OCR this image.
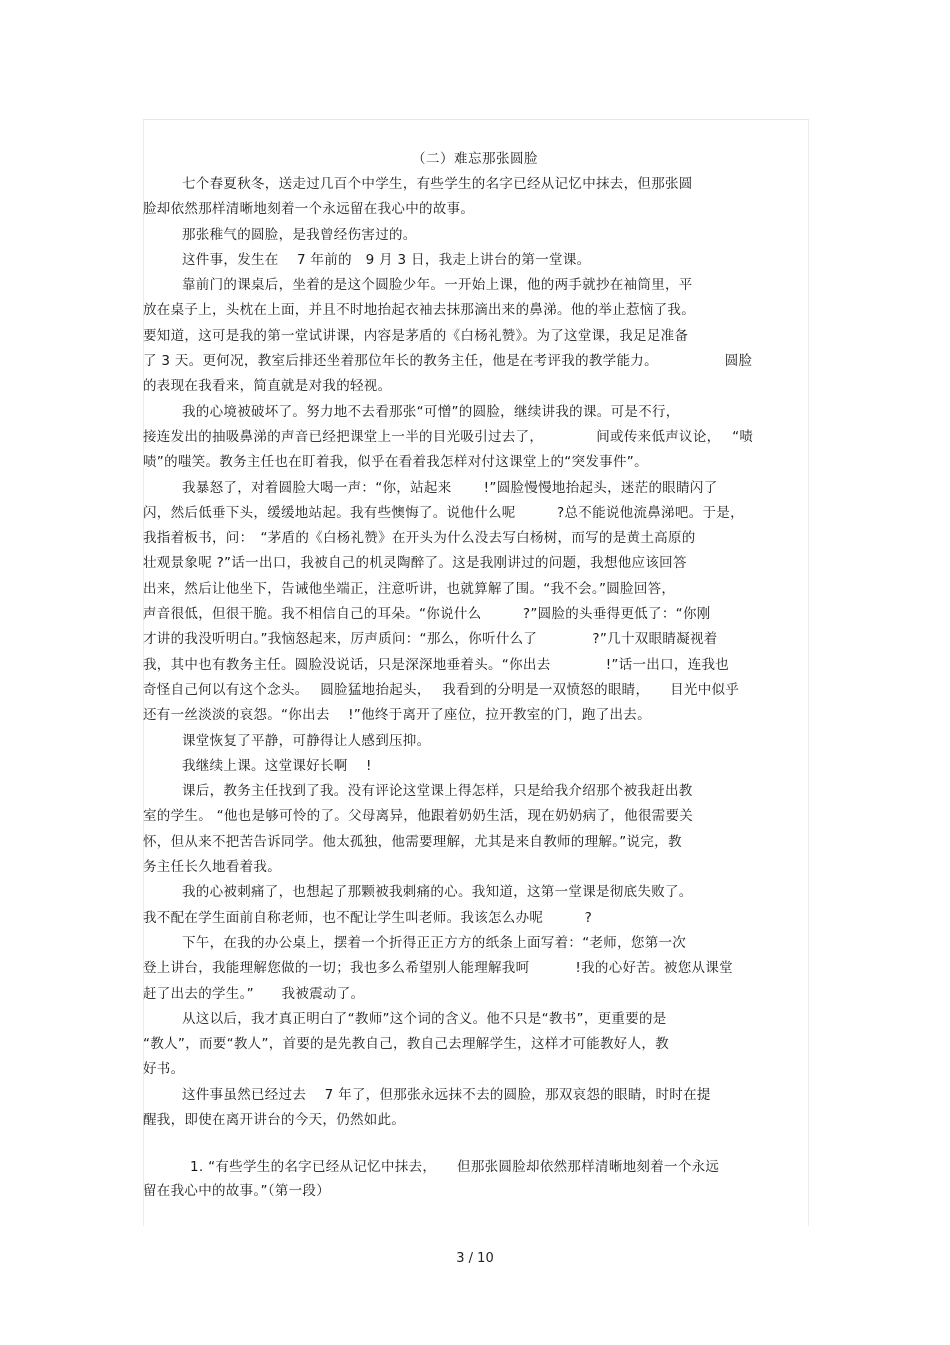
（二）难忘那张圆脸
七个春夏秋冬，送走过几百个中学生，有些学生的名字已经从记忆中抹去，但那张圆
脸却依然那样清晰地刻着一个永远留在我心中的故事。
那张稚气的圆脸，是我曾经伤害过的。
这件事，发生在　 7 年前的　9 月 3 日，我走上讲台的第一堂课。
靠前门的课桌后，坐着的是这个圆脸少年。一开始上课，他的两手就抄在袖筒里，平
放在桌子上，头枕在上面，并且不时地抬起衣袖去抹那滴出来的鼻涕。他的举止惹恼了我。
要知道，这可是我的第一堂试讲课，内容是茅盾的《白杨礼赞》。为了这堂课，我足足准备
了 3 天。更何况，教室后排还坐着那位年长的教务主任，他是在考评我的教学能力。　　　　　 圆脸
的表现在我看来，简直就是对我的轻视。
我的心境被破坏了。努力地不去看那张“可憎”的圆脸，继续讲我的课。可是不行，
接连发出的抽吸鼻涕的声音已经把课堂上一半的目光吸引过去了，　　　　 间或传来低声议论，　 “啧
啧”的嗤笑。教务主任也在盯着我，似乎在看着我怎样对付这课堂上的“突发事件”。
我暴怒了，对着圆脸大喝一声：“你，站起来　　 !”圆脸慢慢地抬起头，迷茫的眼睛闪了
闪，然后低垂下头，缓缓地站起。我有些懊悔了。说他什么呢　　　?总不能说他流鼻涕吧。于是，
我指着板书，问：　“茅盾的《白杨礼赞》在开头为什么没去写白杨树，而写的是黄土高原的
壮观景象呢 ?”话一出口，我被自己的机灵陶醉了。这是我刚讲过的问题，我想他应该回答
出来，然后让他坐下，告诫他坐端正，注意听讲，也就算解了围。“我不会。”圆脸回答，
声音很低，但很干脆。我不相信自己的耳朵。“你说什么　　　?”圆脸的头垂得更低了：“你刚
才讲的我没听明白。”我恼怒起来，厉声质问：“那么，你听什么了　　　　?”几十双眼睛凝视着
我，其中也有教务主任。圆脸没说话，只是深深地垂着头。“你出去　　　　!”话一出口，连我也
奇怪自己何以有这个念头。　 圆脸猛地抬起头，　 我看到的分明是一双愤怒的眼睛，　　目光中似乎
还有一丝淡淡的哀怨。“你出去　 !”他终于离开了座位，拉开教室的门，跑了出去。
课堂恢复了平静，可静得让人感到压抑。
我继续上课。这堂课好长啊　 !
课后，教务主任找到了我。没有评论这堂课上得怎样，只是给我介绍那个被我赶出教
室的学生。 “他也是够可怜的了。父母离异，他跟着奶奶生活，现在奶奶病了，他很需要关
怀，但从来不把苦告诉同学。他太孤独，他需要理解，尤其是来自教师的理解。”说完，教
务主任长久地看着我。
我的心被刺痛了，也想起了那颗被我刺痛的心。我知道，这第一堂课是彻底失败了。
我不配在学生面前自称老师，也不配让学生叫老师。我该怎么办呢　　　?
下午，在我的办公桌上，摆着一个折得正正方方的纸条上面写着：“老师，您第一次
登上讲台，我能理解您做的一切；我也多么希望别人能理解我呵　　　 !我的心好苦。被您从课堂
赶了出去的学生。”　　我被震动了。
从这以后，我才真正明白了“教师”这个词的含义。他不只是“教书”，更重要的是
“教人”，而要“教人”，首要的是先教自己，教自己去理解学生，这样才可能教好人，教
好书。
这件事虽然已经过去　 7 年了，但那张永远抹不去的圆脸，那双哀怨的眼睛，时时在提
醒我，即使在离开讲台的今天，仍然如此。
1. “有些学生的名字已经从记忆中抹去，　　但那张圆脸却依然那样清晰地刻着一个永远
留在我心中的故事。”（第一段）
3 / 10
